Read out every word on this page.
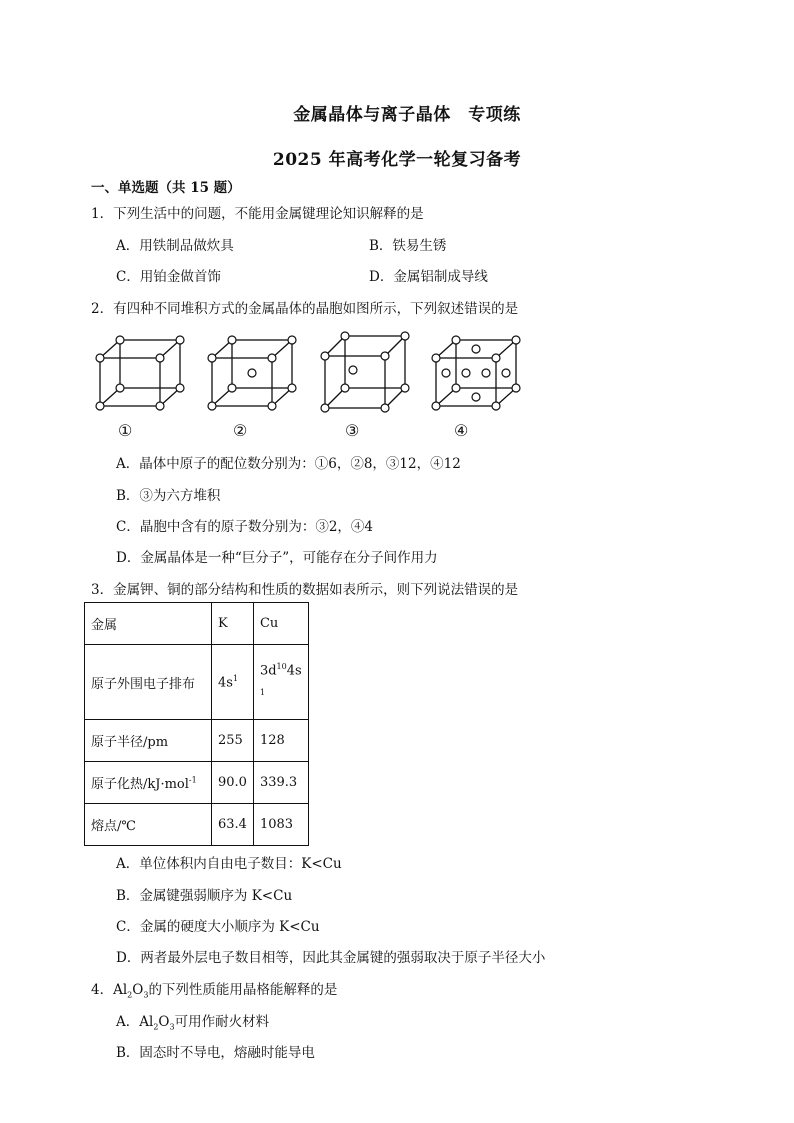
金属晶体与离子晶体　专项练
2025 年高考化学一轮复习备考
一、单选题（共 15 题）
1．下列生活中的问题，不能用金属键理论知识解释的是
A．用铁制品做炊具	B．铁易生锈
C．用铂金做首饰	D．金属铝制成导线
2．有四种不同堆积方式的金属晶体的晶胞如图所示，下列叙述错误的是
①	②	③	④
A．晶体中原子的配位数分别为：①6，②8，③12，④12
B．③为六方堆积
C．晶胞中含有的原子数分别为：③2，④4
D．金属晶体是一种“巨分子”，可能存在分子间作用力
3．金属钾、铜的部分结构和性质的数据如表所示，则下列说法错误的是
金属	K	Cu
原子外围电子排布	$4s^1$	$3d^{10}4s$
$^1$
原子半径/pm	255	128
原子化热/kJ·mol$^{-1}$	90.0	339.3
熔点/℃	63.4	1083
A．单位体积内自由电子数目：K<Cu
B．金属键强弱顺序为 K<Cu
C．金属的硬度大小顺序为 K<Cu
D．两者最外层电子数目相等，因此其金属键的强弱取决于原子半径大小
4．$Al_2O_3$的下列性质能用晶格能解释的是
A．$Al_2O_3$可用作耐火材料
B．固态时不导电，熔融时能导电
